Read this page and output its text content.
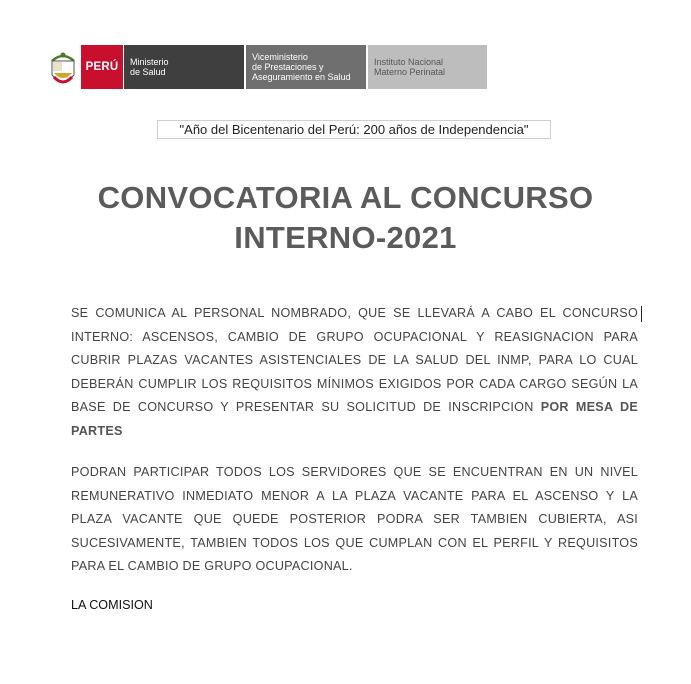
PERÚ	Ministerio
de Salud
Viceministerio
de Prestaciones y
Aseguramiento en Salud
Instituto Nacional
Materno Perinatal
"Año del Bicentenario del Perú: 200 años de Independencia"
CONVOCATORIA AL CONCURSO
INTERNO-2021
SE COMUNICA AL PERSONAL NOMBRADO, QUE SE LLEVARÁ A CABO EL CONCURSO INTERNO: ASCENSOS, CAMBIO DE GRUPO OCUPACIONAL Y REASIGNACION PARA CUBRIR PLAZAS VACANTES ASISTENCIALES DE LA SALUD DEL INMP, PARA LO CUAL DEBERÁN CUMPLIR LOS REQUISITOS MÍNIMOS EXIGIDOS POR CADA CARGO SEGÚN LA BASE DE CONCURSO Y PRESENTAR SU SOLICITUD DE INSCRIPCION POR MESA DE PARTES
PODRAN PARTICIPAR TODOS LOS SERVIDORES QUE SE ENCUENTRAN EN UN NIVEL REMUNERATIVO INMEDIATO MENOR A LA PLAZA VACANTE PARA EL ASCENSO Y LA PLAZA VACANTE QUE QUEDE POSTERIOR PODRA SER TAMBIEN CUBIERTA, ASI SUCESIVAMENTE, TAMBIEN TODOS LOS QUE CUMPLAN CON EL PERFIL Y REQUISITOS PARA EL CAMBIO DE GRUPO OCUPACIONAL.
LA COMISION
